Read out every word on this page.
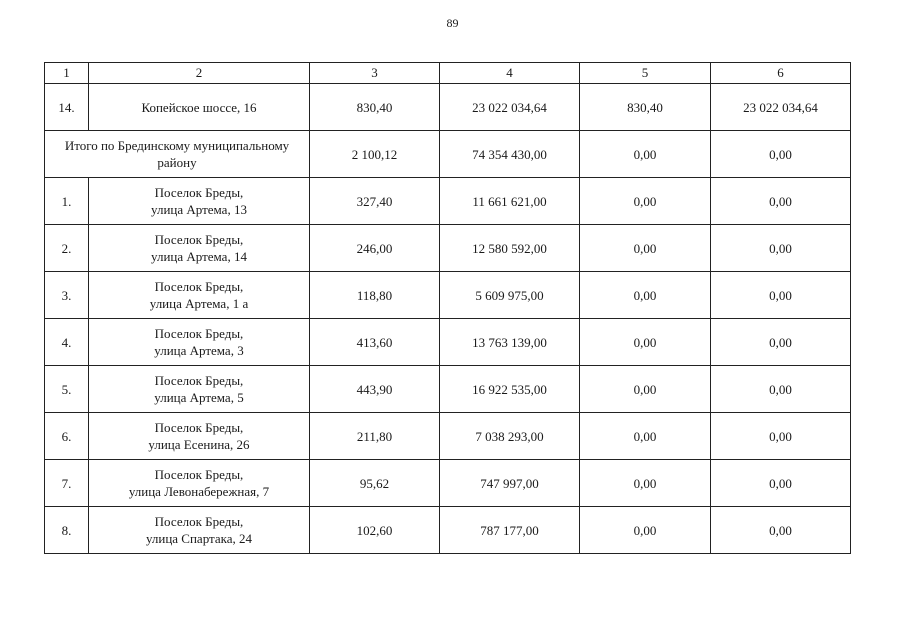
89
1	2	3	4	5	6
14.	Копейское шоссе, 16	830,40	23 022 034,64	830,40	23 022 034,64

Итого по Брединскому муниципальному
району		2 100,12	74 354 430,00	0,00	0,00
1.	Поселок Бреды,
улица Артема, 13	327,40	11 661 621,00	0,00	0,00
2.	Поселок Бреды,
улица Артема, 14	246,00	12 580 592,00	0,00	0,00
3.	Поселок Бреды,
улица Артема, 1 а	118,80	5 609 975,00	0,00	0,00
4.	Поселок Бреды,
улица Артема, 3	413,60	13 763 139,00	0,00	0,00
5.	Поселок Бреды,
улица Артема, 5	443,90	16 922 535,00	0,00	0,00
6.	Поселок Бреды,
улица Есенина, 26	211,80	7 038 293,00	0,00	0,00
7.	Поселок Бреды,
улица Левонабережная, 7	95,62	747 997,00	0,00	0,00
8.	Поселок Бреды,
улица Спартака, 24	102,60	787 177,00	0,00	0,00
